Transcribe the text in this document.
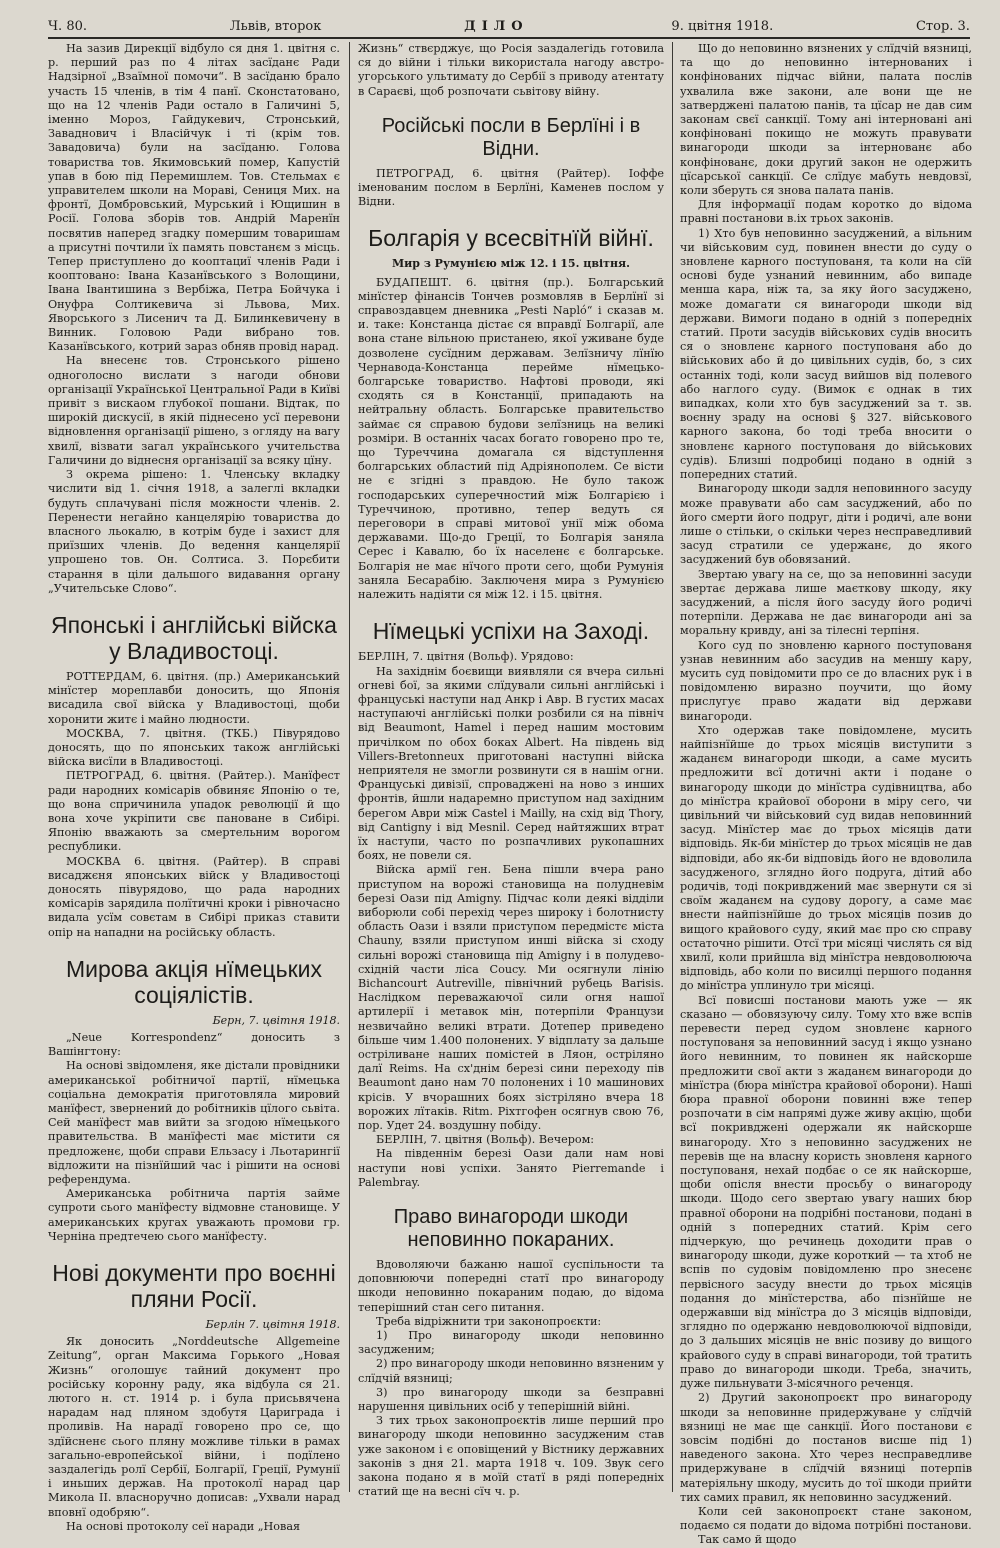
Ч. 80.	Львів, второк	ДІЛО	9. цвітня 1918.	Стор. 3.

На зазив Дирекції відбуло ся дня 1. цвітня с. р. перший раз по 4 літах засїданє Ради Надзірної „Взаїмної помочи“. В засїданю брало участь 15 членів, в тім 4 панї. Сконстатовано, що на 12 членів Ради остало в Галичині 5, іменно Мороз, Гайдукевич, Стронський, Заваднович і Власійчук і ті (крім тов. Завадовича) були на засїданю. Голова товариства тов. Якимовський помер, Капустій упав в бою під Перемишлем. Тов. Стельмах є управителем школи на Мораві, Сениця Мих. на фронтї, Домбровський, Мурський і Ющишин в Росії. Голова зборів тов. Андрій Маренїн посвятив наперед згадку помершим товаришам а присутні почтили їх память повстанєм з місць. Тепер приступлено до кооптациї членів Ради і кооптовано: Івана Казанївського з Волощини, Івана Івантишина з Вербіжа, Петра Бойчука і Онуфра Солтикевича зі Львова, Мих. Яворського з Лисенич та Д. Билинкевичену в Винник. Головою Ради вибрано тов. Казанївського, котрий зараз обняв провід нарад.

На внесенє тов. Стронського рішено одноголосно вислати з нагоди обнови організації Української Центральної Ради в Київі привіт з вискаом глубокої пошани. Відтак, по широкій дискусії, в якій піднесено усї перевони відновлення організації рішено, з огляду на вагу хвилї, візвати загал українського учительства Галичини до віднесня організації за всяку цїну.

З окрема рішено: 1. Членську вкладку числити від 1. січня 1918, а залеглі вкладки будуть сплачувані після можности членів. 2. Перенести негайно канцелярію товариства до власного льокалю, в котрім буде і захист для приїзших членів. До ведення канцелярії упрошено тов. Он. Солтиса. 3. Порєбити старання в ціли дальшого видавання органу „Учительське Слово“.

Японські і англійські війска у Владивостоці.

РОТТЕРДАМ, 6. цвітня. (пр.) Американський мінїстер мореплавби доносить, що Японія висадила свої війска у Владивостоці, щоби хоронити житє і майно людности.

МОСКВА, 7. цвітня. (ТКБ.) Півурядово доносять, що по японських також англійські війска висїли в Владивостоці.

ПЕТРОГРАД, 6. цвітня. (Райтер.). Манїфест ради народних комісарів обвиняє Японію о те, що вона спричинила упадок революції й що вона хоче укріпити свє пановане в Сибірі. Японію вважають за смертельним ворогом республики.

МОСКВА 6. цвітня. (Райтер). В справі висаджєня японських війск у Владивостоці доносять півурядово, що рада народних комісарів зарядила полїтичні кроки і рівночасно видала усїм совєтам в Сибірі приказ ставити опір на нападни на російську область.

Мирова акція нїмецьких соціялістів.
Берн, 7. цвітня 1918.

„Neue Korrespondenz“ доносить з Вашінгтону:

На основі звідомленя, яке дістали провідники американської робітничої партії, нїмецька соціальна демократія приготовляла мировий манїфест, звернений до робітників цїлого сьвіта. Сей манїфест мав вийти за згодою нїмецького правительства. В манїфесті має містити ся предложенє, щоби справи Ельзасу і Льотарингії відложити на пізнїйший час і рішити на основі референдума.

Американська робітнича партія займе супроти сього манїфесту відмовне становище. У американських кругах уважають промови гр. Черніна предтечею сього манїфесту.

Нові документи про воєнні пляни Росії.
Берлін 7. цвітня 1918.

Як доносить „Norddeutsche Allgemeine Zeitung“, орган Максима Горького „Новая Жизнь“ оголошує тайний документ про російську коронну раду, яка відбула ся 21. лютого н. ст. 1914 р. і була присьвячена нарадам над пляном здобутя Цариграда і проливів. На нарадї говорено про се, що здїйсненє сього пляну можливе тільки в рамах загально-европейської війни, і подїлено заздалегідь ролї Сербії, Болгарії, Греції, Румунії і иньших держав. На протоколї нарад цар Микола II. власноручно дописав: „Ухвали нарад вповнї одобряю“.

На основі протоколу сеї наради „Новая

Жизнь“ ствєрджує, що Росія заздалегідь готовила ся до війни і тільки використала нагоду австро-угорського ультимату до Сербії з приводу атентату в Сараєві, щоб розпочати сьвітову війну.

Російські посли в Берлїні і в Відни.

ПЕТРОГРАД, 6. цвітня (Райтер). Іоффе іменованим послом в Берлїні, Каменев послом у Відни.

Болгарія у всесвітнїй війнї.
Мир з Румунією між 12. і 15. цвітня.

БУДАПЕШТ. 6. цвітня (пр.). Болгарський мінїстер фінансів Тончев розмовляв в Берлїнї зі справоздавцем дневника „Pesti Napló“ і сказав м. и. таке: Констанца дістає ся вправдї Болгарії, але вона стане вільною пристанею, якої уживане буде дозволене сусїдним державам. Зелїзничу лїнїю Чернавода-Констанца перейме нїмецько-болгарське товариство. Нафтові проводи, які сходять ся в Констанції, припадають на нейтральну область. Болгарське правительство займає ся справою будови зелїзниць на великі розміри. В останніх часах богато говорено про те, що Туреччина домагала ся відступлення болгарських областий під Адріянополем. Се вісти не є згідні з правдою. Не було також господарських суперечностий між Болгарією і Туреччиною, противно, тепер ведуть ся переговори в справі митової унії між обома державами. Що-до Греції, то Болгарія заняла Серес і Кавалю, бо їх населенє є болгарське. Болгарія не має нїчого проти сего, щоби Румунія заняла Бесарабію. Заключеня мира з Румунією належить надіяти ся між 12. і 15. цвітня.

Нїмецькі успіхи на Заході.

БЕРЛІН, 7. цвітня (Вольф). Урядово:

На західнім боєвищи виявляли ся вчера сильні огневі бої, за якими слїдували сильні англійські і француські наступи над Анкр і Авр. В густих масах наступаючі англійські полки розбили ся на північ від Beaumont, Hamel і перед нашим мостовим причілком по обох боках Albert. На південь від Villers-Bretonneux приготовані наступні війска неприятеля не змогли розвинути ся в нашім огни. Француські дивізії, спроваджені на ново з инших фронтів, йшли надаремно приступом над західним берегом Аври між Castel і Mailly, на схід від Thory, від Cantigny і від Mesnil. Серед найтяжших втрат їх наступи, часто по розпачливих рукопашних боях, не повели ся.

Війска армії ген. Бена пішли вчера рано приступом на ворожі становища на полудневім березі Оази під Amigny. Підчас коли деякі відділи виборюли собі перехід через широку і болотнисту область Оази і взяли приступом передмістє міста Chauny, взяли приступом инші війска зі сходу сильні ворожі становища під Amigny і в полудево-східній части ліса Coucy. Ми осягнули лінію Bichancourt Autreville, північний рубець Barisis. Наслідком переважаючої сили огня нашої артилерії і метавок мін, потерпіли Французи незвичайно великі втрати. Дотепер приведено більше чим 1.400 полонених. У відплату за дальше остріливане наших помістей в Ляон, остріляно далї Reims. На сх'днім березі сини переходу пів Beaumont дано нам 70 полонених і 10 машинових крісів. У вчорашних боях зістріляно вчера 18 ворожих лїтаків. Ritm. Ріхтгофен осягнув свою 76, пор. Удет 24. воздушну побіду.

БЕРЛІН, 7. цвітня (Вольф). Вечером:

На південнім березі Оази дали нам нові наступи нові успіхи. Занято Pierremande і Palembray.

Право винагороди шкоди неповинно покараних.

Вдоволяючи бажаню нашої суспільности та доповнюючи попередні статї про винагороду шкоди неповинно покараним подаю, до відома теперішний стан сего питання.

Треба відріжнити три законопроєкти:

1) Про винагороду шкоди неповинно засудженим;

2) про винагороду шкоди неповинно вязненим у слїдчій вязниці;

3) про винагороду шкоди за безправні нарушення цивільних осіб у теперішній війні.

З тих трьох законопроєктів лише перший про винагороду шкоди неповинно засудженим став уже законом і є оповіщений у Вістнику державних законів з дня 21. марта 1918 ч. 109. Звук сего закона подано я в моїй статї в ряді попередніх статий ще на весні сїч ч. р.

Що до неповинно вязнених у слїдчій вязниці, та що до неповинно інтернованих і конфінованих підчас війни, палата послів ухвалила вже закони, але вони ще не затверджені палатою панів, та цїсар не дав сим законам свєї санкції. Тому ані інтерновані ані конфіновані покищо не можуть правувати винагороди шкоди за інтернованє або конфінованє, доки другий закон не одержить цїсарської санкції. Се слїдує мабуть невдовзї, коли зберуть ся знова палата панів.

Для інформації подам коротко до відома правні постанови в.іх трьох законів.

1) Хто був неповинно засуджений, а вільним чи військовим суд, повинен внести до суду о зновлене карного поступованя, та коли на сїй основі буде узнаний невинним, або випаде менша кара, ніж та, за яку його засуджено, може домагати ся винагороди шкоди від держави. Вимоги подано в одній з попередніх статий. Проти засудів військових судів вносить ся о зновленє карного поступованя або до військових або й до цивільних судів, бо, з сих останніх тоді, коли засуд вийшов від полевого або наглого суду. (Вимок є однак в тих випадках, коли хто був засуджений за т. зв. воєнну зраду на основі § 327. військового карного закона, бо тоді треба вносити о зновленє карного поступованя до військових судів). Близші подробиці подано в одній з попередних статий.

Винагороду шкоди задля неповинного засуду може правувати або сам засуджений, або по його смерти його подруг, діти і родичі, але вони лише о стільки, о скільки через несправедливий засуд стратили се удержанє, до якого засуджений був обовязаний.

Звертаю увагу на се, що за неповинні засуди звертає держава лише маєткову шкоду, яку засуджений, а після його засуду його родичі потерпіли. Держава не дає винагороди ані за моральну кривду, ані за тілесні терпіня.

Кого суд по зновленю карного поступованя узнав невинним або засудив на меншу кару, мусить суд повідомити про се до власних рук і в повідомленю виразно поучити, що йому прислугує право жадати від держави винагороди.

Хто одержав таке повідомлене, мусить найпізнїйше до трьох місяців виступити з жаданєм винагороди шкоди, а саме мусить предложити всї дотичні акти і подане о винагороду шкоди до мінїстра судівництва, або до мінїстра крайової оборони в міру сего, чи цивільний чи військовий суд видав неповинний засуд. Мінїстер має до трьох місяців дати відповідь. Як-би мінїстер до трьох місяців не дав відповіди, або як-би відповідь його не вдоволила засудженого, зглядно його подруга, дітий або родичів, тоді покривджений має звернути ся зі своїм жаданєм на судову дорогу, а саме має внести найпізнїйше до трьох місяців позив до вищого крайового суду, який має про сю справу остаточно рішити. Отсї три місяці числять ся від хвилї, коли прийшла від мінїстра невдоволююча відповідь, або коли по висилці першого подання до мінїстра уплинуло три місяці.

Всї повисші постанови мають уже — як сказано — обовязуючу силу. Тому хто вже вспів перевести перед судом зновленє карного поступованя за неповинний засуд і якщо узнано його невинним, то повинен як найскорше предложити свої акти з жаданєм винагороди до мінїстра (бюра мінїстра крайової оборони). Наші бюра правної оборони повинні вже тепер розпочати в сім напрямі дуже живу акцію, щоби всї покривджені одержали як найскорше винагороду. Хто з неповинно засуджених не перевів ще на власну користь зновленя карного поступованя, нехай подбає о се як найскорше, щоби опісля внести просьбу о винагороду шкоди. Щодо сего звертаю увагу наших бюр правної оборони на подрібні постанови, подані в одній з попередних статий. Крім сего підчеркую, що речинець доходити прав о винагороду шкоди, дуже короткий — та хтоб не вспів по судовім повідомленю про знесенє первісного засуду внести до трьох місяців подання до мінїстерства, або пізнїйше не одержавши від мінїстра до 3 місяців відповіди, згляднo по одержаню невдоволюючої відповіди, до 3 дальших місяців не вніс позиву до вищого крайового суду в справі винагороди, той тратить право до винагороди шкоди. Треба, значить, дуже пильнувати 3-місячного реченця.

2) Другий законопроєкт про винагороду шкоди за неповинне придержуване у слїдчій вязниці не має ще санкції. Його постанови є зовсім подібні до постанов висше під 1) наведеного закона. Хто через несправедливе придержуване в слїдчій вязниці потерпів матеріяльну шкоду, мусить до тої шкоди прийти тих самих правил, як неповинно засуджений.

Коли сей законопроєкт стане законом, подаємо ся подати до відома потрібні постанови.

Так само й щодо
